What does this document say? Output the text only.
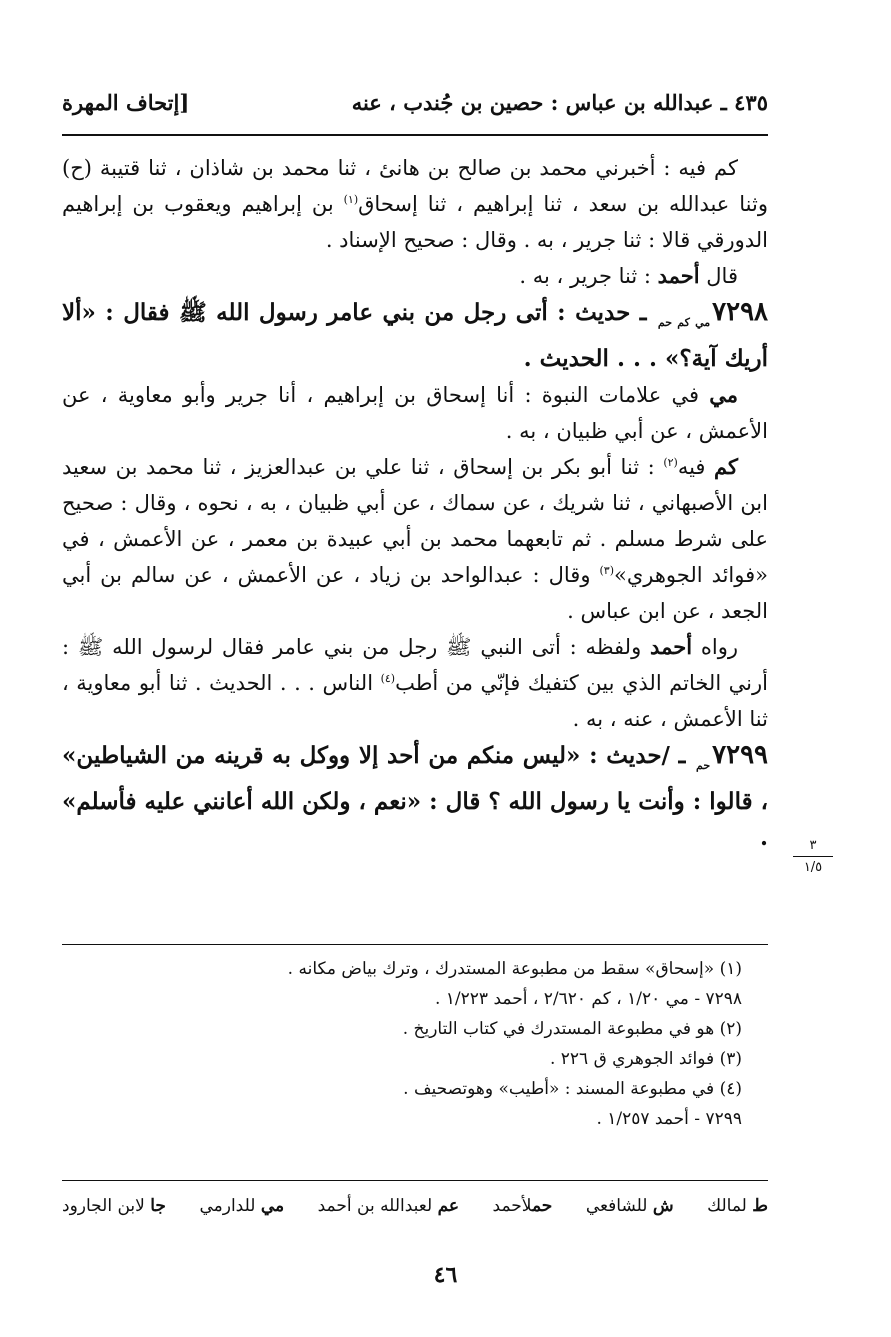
٤٣٥ ـ عبدالله بن عباس : حصين بن جُندب ، عنه
[إتحاف المهرة

كم فيه : أخبرني محمد بن صالح بن هانئ ، ثنا محمد بن شاذان ، ثنا قتيبة (ح) وثنا عبدالله بن سعد ، ثنا إبراهيم ، ثنا إسحاق$^{(١)}$ بن إبراهيم ويعقوب بن إبراهيم الدورقي قالا : ثنا جرير ، به . وقال : صحيح الإسناد .

قال أحمد : ثنا جرير ، به .

$٧٢٩٨_{مي كم حم}$ ـ حديث : أتى رجل من بني عامر رسول الله ﷺ فقال : «ألا أريك آية؟» . . . الحديث .

مي في علامات النبوة : أنا إسحاق بن إبراهيم ، أنا جرير وأبو معاوية ، عن الأعمش ، عن أبي ظبيان ، به .

كم فيه$^{(٢)}$ : ثنا أبو بكر بن إسحاق ، ثنا علي بن عبدالعزيز ، ثنا محمد بن سعيد ابن الأصبهاني ، ثنا شريك ، عن سماك ، عن أبي ظبيان ، به ، نحوه ، وقال : صحيح على شرط مسلم . ثم تابعهما محمد بن أبي عبيدة بن معمر ، عن الأعمش ، في «فوائد الجوهري»$^{(٣)}$ وقال : عبدالواحد بن زياد ، عن الأعمش ، عن سالم بن أبي الجعد ، عن ابن عباس .

رواه أحمد ولفظه : أتى النبي ﷺ رجل من بني عامر فقال لرسول الله ﷺ : أرني الخاتم الذي بين كتفيك فإنّي من أطب$^{(٤)}$ الناس . . . الحديث . ثنا أبو معاوية ، ثنا الأعمش ، عنه ، به .

$٧٢٩٩_{حم}$ ـ /حديث : «ليس منكم من أحد إلا ووكل به قرينه من الشياطين» ، قالوا : وأنت يا رسول الله ؟ قال : «نعم ، ولكن الله أعانني عليه فأسلم» .	٣
١/٥
(١) «إسحاق» سقط من مطبوعة المستدرك ، وترك بياض مكانه .
٧٢٩٨ - مي ١/٢٠ ، كم ٢/٦٢٠ ، أحمد ١/٢٢٣ .
(٢) هو في مطبوعة المستدرك في كتاب التاريخ .
(٣) فوائد الجوهري ق ٢٢٦ .
(٤) في مطبوعة المسند : «أطيب» وهوتصحيف .
٧٢٩٩ - أحمد ١/٢٥٧ .
ط لمالك
ش للشافعي
حملأحمد
عم لعبدالله بن أحمد
مي للدارمي
جا لابن الجارود
٤٦
